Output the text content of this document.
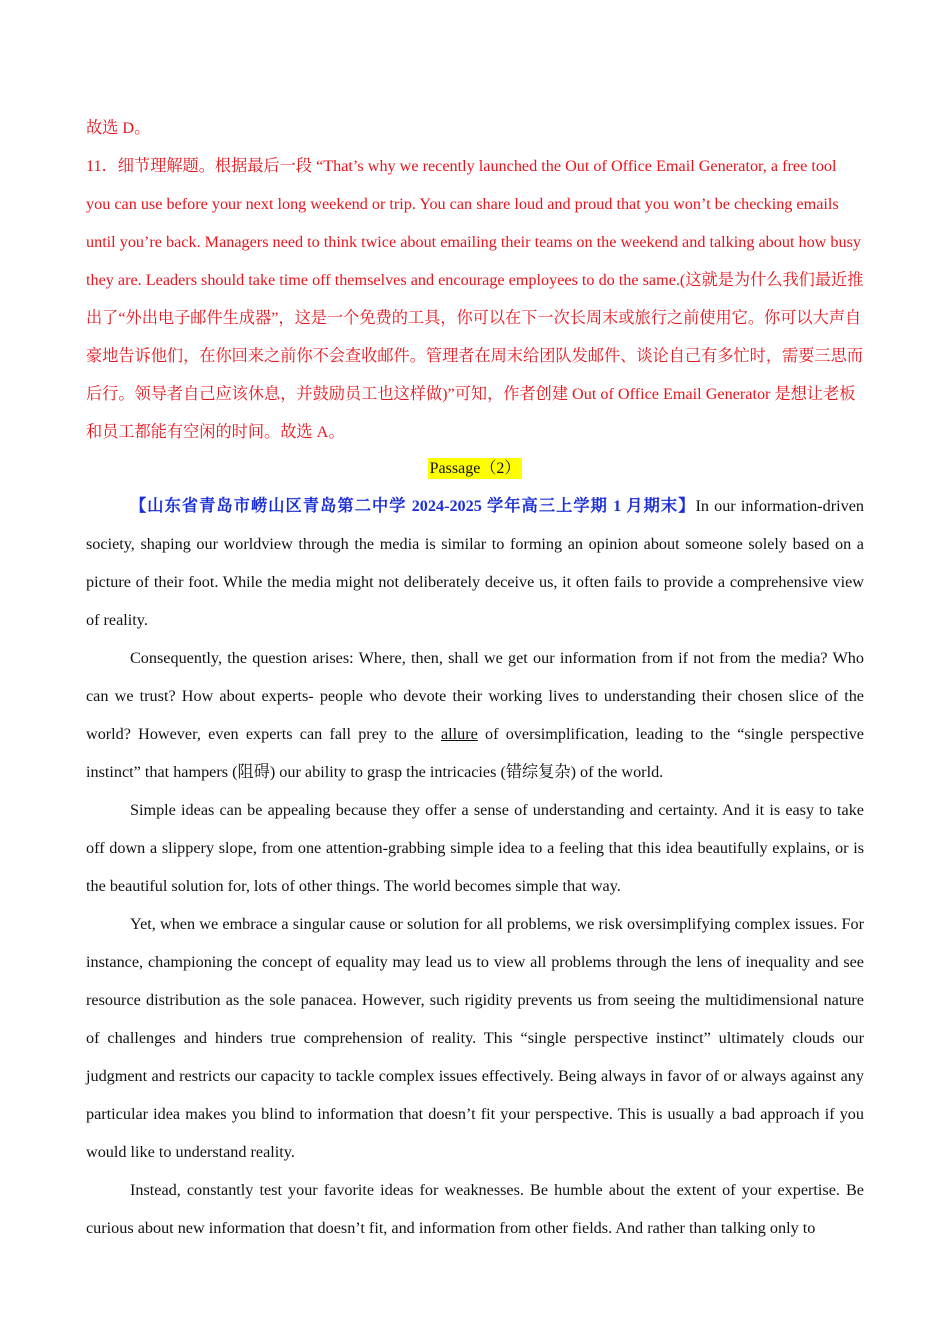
故选 D。

11．细节理解题。根据最后一段 “That’s why we recently launched the Out of Office Email Generator, a free tool you can use before your next long weekend or trip. You can share loud and proud that you won’t be checking emails until you’re back. Managers need to think twice about emailing their teams on the weekend and talking about how busy they are. Leaders should take time off themselves and encourage employees to do the same.(这就是为什么我们最近推出了“外出电子邮件生成器”，这是一个免费的工具，你可以在下一次长周末或旅行之前使用它。你可以大声自豪地告诉他们，在你回来之前你不会查收邮件。管理者在周末给团队发邮件、谈论自己有多忙时，需要三思而后行。领导者自己应该休息，并鼓励员工也这样做)”可知，作者创建 Out of Office Email Generator 是想让老板和员工都能有空闲的时间。故选 A。

Passage（2）

【山东省青岛市崂山区青岛第二中学 2024-2025 学年高三上学期 1 月期末】In our information-driven society, shaping our worldview through the media is similar to forming an opinion about someone solely based on a picture of their foot. While the media might not deliberately deceive us, it often fails to provide a comprehensive view of reality.

Consequently, the question arises: Where, then, shall we get our information from if not from the media? Who can we trust? How about experts- people who devote their working lives to understanding their chosen slice of the world? However, even experts can fall prey to the allure of oversimplification, leading to the “single perspective instinct” that hampers (阻碍) our ability to grasp the intricacies (错综复杂) of the world.

Simple ideas can be appealing because they offer a sense of understanding and certainty. And it is easy to take off down a slippery slope, from one attention-grabbing simple idea to a feeling that this idea beautifully explains, or is the beautiful solution for, lots of other things. The world becomes simple that way.

Yet, when we embrace a singular cause or solution for all problems, we risk oversimplifying complex issues. For instance, championing the concept of equality may lead us to view all problems through the lens of inequality and see resource distribution as the sole panacea. However, such rigidity prevents us from seeing the multidimensional nature of challenges and hinders true comprehension of reality. This “single perspective instinct” ultimately clouds our judgment and restricts our capacity to tackle complex issues effectively. Being always in favor of or always against any particular idea makes you blind to information that doesn’t fit your perspective. This is usually a bad approach if you would like to understand reality.

Instead, constantly test your favorite ideas for weaknesses. Be humble about the extent of your expertise. Be curious about new information that doesn’t fit, and information from other fields. And rather than talking only to
